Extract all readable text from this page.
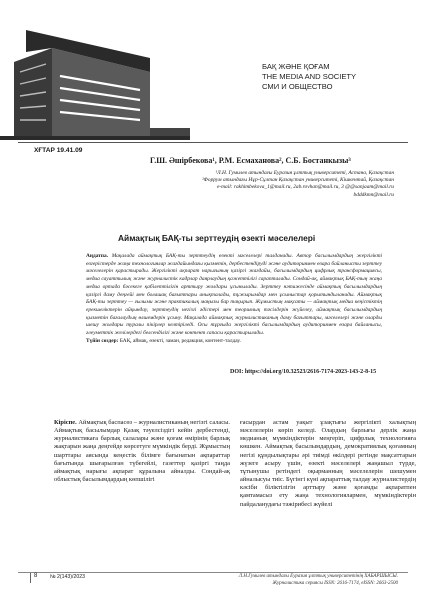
БАҚ ЖӘНЕ ҚОҒАМ
THE MEDIA AND SOCIETY
СМИ И ОБЩЕСТВО
ХҒТАР 19.41.09
Г.Ш. Әшірбекова¹, Р.М. Есмаханова², С.Б. Бостанкызы³
¹Л.Н. Гумилев атындағы Еуразия ұлттық университеті, Астана, Қазақстан
²Форрум атындағы Нұр-Сұлтан Қазақстан университеті, Кішкентай, Қазақстан
e-mail: rakhimbekova_1@mail.ru, 2ab.rovhan@mail.ru, 3 @@sanjaam@mail.ru
bdddkmn@mail.ru
Аймақтық БАҚ-ты зерттеудің өзекті мәселелері
Аңдатпа. Мақалада аймақтық БАҚ-ты зерттеудің өзекті мәселелері талданады. Автор басылымдардың жергілікті өзгерістерде жаңа технологиялар жағдайындағы қызметін, дербестендіруді және аудиториямен өзара байланысты зерттеу мәселелерін қарастырады. Жергілікті ақпарат нарығының қазіргі жағдайы, басылымдардың цифрлық трансформациясы, медиа сауаттылық және журналистік кадрлар даярлаудың қажеттілігі сарапталады. Сондай-ақ, аймақтық БАҚ-тың жаңа медиа ортада бәсекеге қабілеттілігін арттыру жолдары ұсынылады. Зерттеу нәтижесінде аймақтық басылымдардың қазіргі даму деңгейі мен болашақ бағыттары анықталады, тұжырымдар мен ұсыныстар қорытындыланады. Аймақтық БАҚ-ты зерттеу — ғылыми және практикалық маңызы бар тақырып. Жұмыстың мақсаты — аймақтық медиа кеңістіктің ерекшеліктерін айқындау, зерттеудің негізгі әдістері мен теориялық тәсілдерін жүйелеу, аймақтық басылымдардың қызметін бағалаудың өлшемдерін ұсыну. Мақалада аймақтық журналистиканың даму бағыттары, мәселелері және оларды шешу жолдары туралы пікірлер келтіріледі. Осы тұрғыда жергілікті басылымдардың аудиториямен өзара байланысы, әлеуметтік желілердегі белсенділігі және контент сапасы қарастырылады.
Түйін сөздер: БАҚ, аймақ, өзекті, заман, редакция, контент-талдау.
DOI: https://doi.org/10.32523/2616-7174-2023-143-2-8-15
Кіріспе. Аймақтық баспасөз – журналистиканың негізгі саласы. Аймақтық басылымдар Қазақ тәуелсіздігі кейін дербестенді, журналистикаға барлық салалары және қоғам өмірінің барлық жақтарын жаңа деңгейде көрсетуге мүмкіндік берді. Жұмыстың шарттары аясында кеңестік білімге бағынатын ақпараттар бағытында шығарылған түбегейлі, газеттер қазіргі таңда аймақтық нарығы ақпарат құралына айналды. Сондай-ақ облыстық басылымдардың көпшілігі
ғасырдан астам уақыт ұзақтығы жергілікті халықтың мәселелерін көріп келеді. Олардың барлығы дерлік жаңа медианың мүмкіндіктерін меңгеріп, цифрлық технологияға көшкен. Аймақтық басылымдардың, демократиялық қоғамның негізі құндылықтары әрі тиімді өкілдері ретінде мақсаттарын жүзеге асыру үшін, өзекті мәселелері жаңашыл түрде, тұтынушы ретіндегі оқырманның мәселелерін шешумен айналысуы тиіс. Бүгінгі күні ақпараттық талдау журналистердің кәсіби біліктілігін арттыру және қоғамды ақпаратпен қамтамасыз ету жаңа технологиялармен, мүмкіндіктерін пайдаланудағы тәжірибесі жүйелі
8	№ 2(143)/2023	Л.Н.Гумилев атындағы Еуразия ұлттық университетінің ХАБАРШЫСЫ.
Журналистика сериясы ISSN: 2616-7174, eISSN: 2663-2500
